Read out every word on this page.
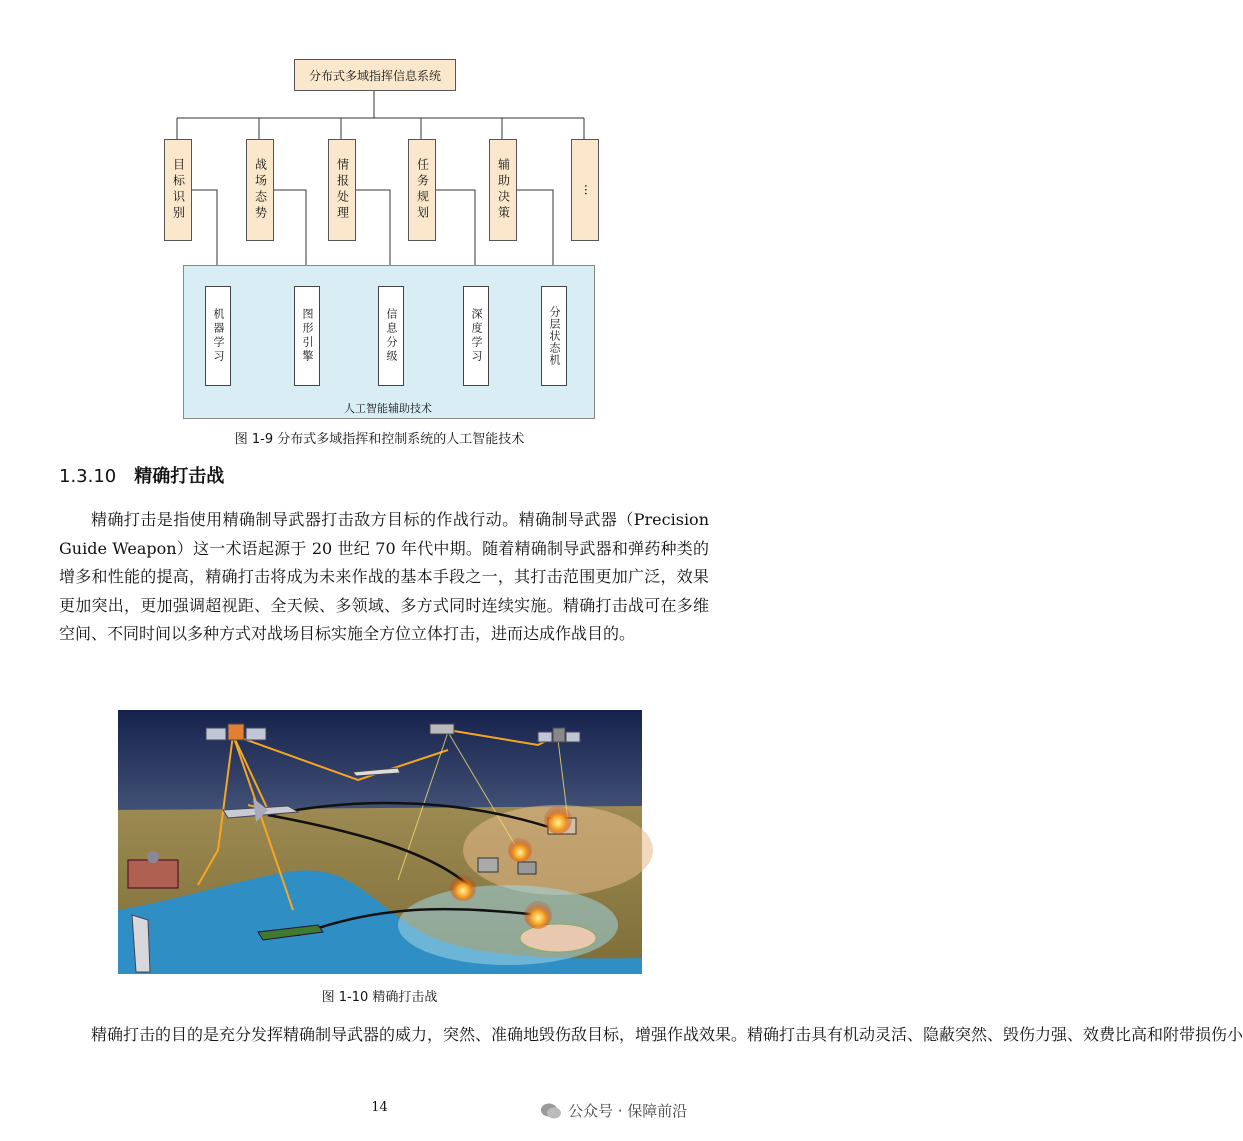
分布式多域指挥信息系统
目标识别	战场态势	情报处理	任务规划	辅助决策	···
机器学习	图形引擎	信息分级	深度学习	分层状态机
人工智能辅助技术
图 1-9 分布式多域指挥和控制系统的人工智能技术
1.3.10 精确打击战

精确打击是指使用精确制导武器打击敌方目标的作战行动。精确制导武器（Precision Guide Weapon）这一术语起源于 20 世纪 70 年代中期。随着精确制导武器和弹药种类的增多和性能的提高，精确打击将成为未来作战的基本手段之一，其打击范围更加广泛，效果更加突出，更加强调超视距、全天候、多领域、多方式同时连续实施。精确打击战可在多维空间、不同时间以多种方式对战场目标实施全方位立体打击，进而达成作战目的。

图 1-10 精确打击战

精确打击的目的是充分发挥精确制导武器的威力，突然、准确地毁伤敌目标，增强作战效果。精确打击具有机动灵活、隐蔽突然、毁伤力强、效费比高和附带损伤小

14	公众号 · 保障前沿
